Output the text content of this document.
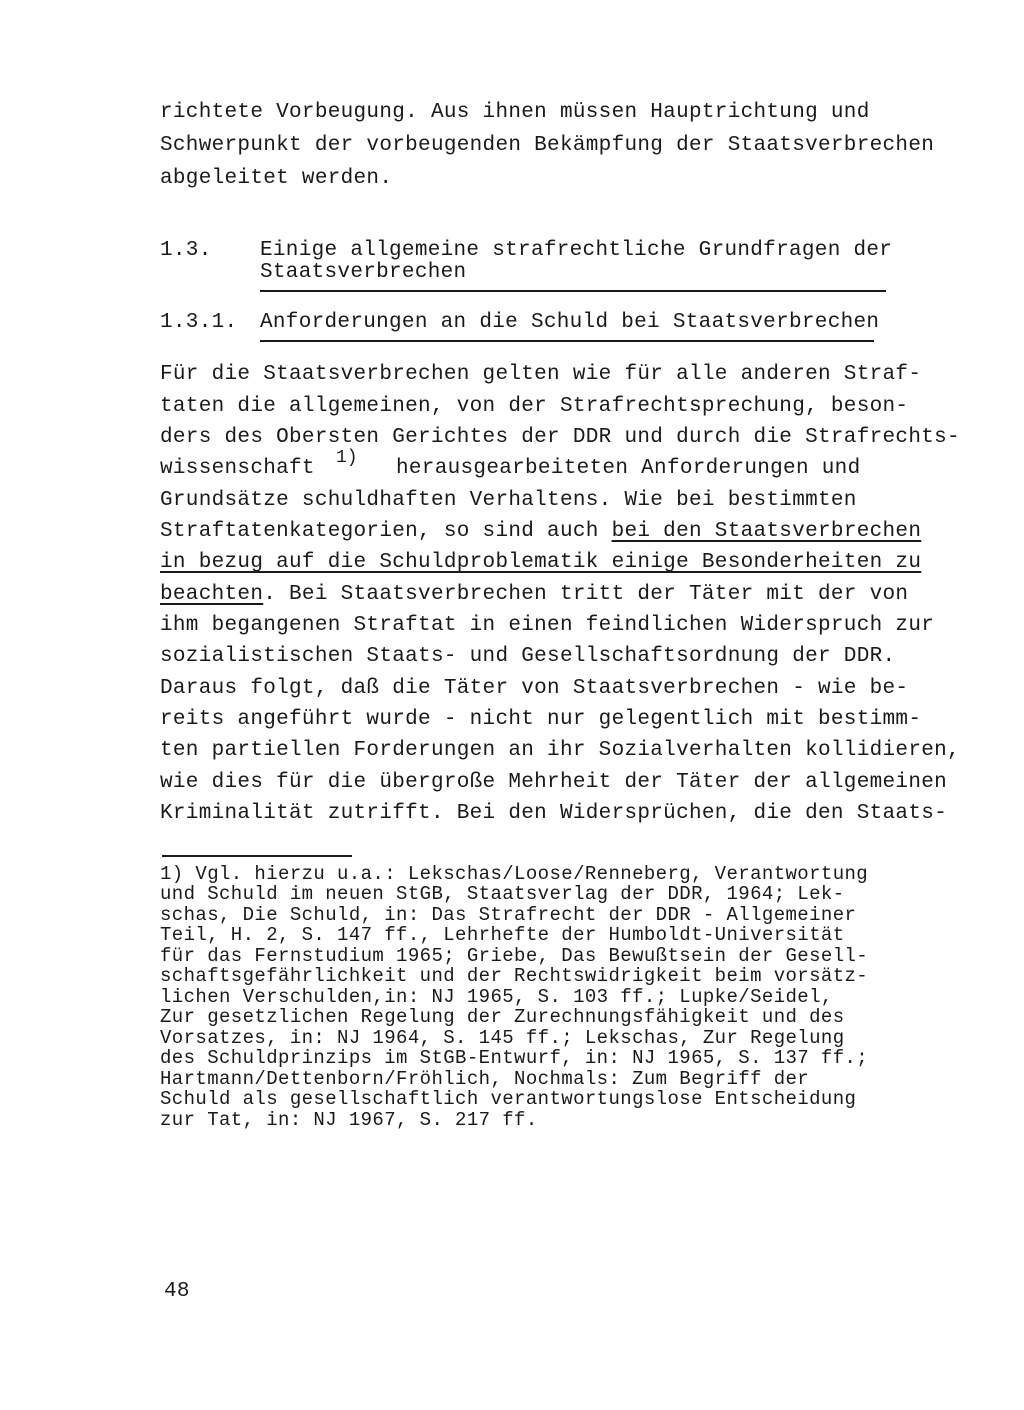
richtete Vorbeugung. Aus ihnen müssen Hauptrichtung und
Schwerpunkt der vorbeugenden Bekämpfung der Staatsverbrechen
abgeleitet werden.
1.3. Einige allgemeine strafrechtliche Grundfragen der
Staatsverbrechen
1.3.1. Anforderungen an die Schuld bei Staatsverbrechen
Für die Staatsverbrechen gelten wie für alle anderen Straf-
taten die allgemeinen, von der Strafrechtsprechung, beson-
ders des Obersten Gerichtes der DDR und durch die Strafrechts-
wissenschaft 1) herausgearbeiteten Anforderungen und
Grundsätze schuldhaften Verhaltens. Wie bei bestimmten
Straftatenkategorien, so sind auch bei den Staatsverbrechen
in bezug auf die Schuldproblematik einige Besonderheiten zu
beachten. Bei Staatsverbrechen tritt der Täter mit der von
ihm begangenen Straftat in einen feindlichen Widerspruch zur
sozialistischen Staats- und Gesellschaftsordnung der DDR.
Daraus folgt, daß die Täter von Staatsverbrechen - wie be-
reits angeführt wurde - nicht nur gelegentlich mit bestimm-
ten partiellen Forderungen an ihr Sozialverhalten kollidieren,
wie dies für die übergroße Mehrheit der Täter der allgemeinen
Kriminalität zutrifft. Bei den Widersprüchen, die den Staats-
1) Vgl. hierzu u.a.: Lekschas/Loose/Renneberg, Verantwortung
und Schuld im neuen StGB, Staatsverlag der DDR, 1964; Lek-
schas, Die Schuld, in: Das Strafrecht der DDR - Allgemeiner
Teil, H. 2, S. 147 ff., Lehrhefte der Humboldt-Universität
für das Fernstudium 1965; Griebe, Das Bewußtsein der Gesell-
schaftsgefährlichkeit und der Rechtswidrigkeit beim vorsätz-
lichen Verschulden,in: NJ 1965, S. 103 ff.; Lupke/Seidel,
Zur gesetzlichen Regelung der Zurechnungsfähigkeit und des
Vorsatzes, in: NJ 1964, S. 145 ff.; Lekschas, Zur Regelung
des Schuldprinzips im StGB-Entwurf, in: NJ 1965, S. 137 ff.;
Hartmann/Dettenborn/Fröhlich, Nochmals: Zum Begriff der
Schuld als gesellschaftlich verantwortungslose Entscheidung
zur Tat, in: NJ 1967, S. 217 ff.
48
